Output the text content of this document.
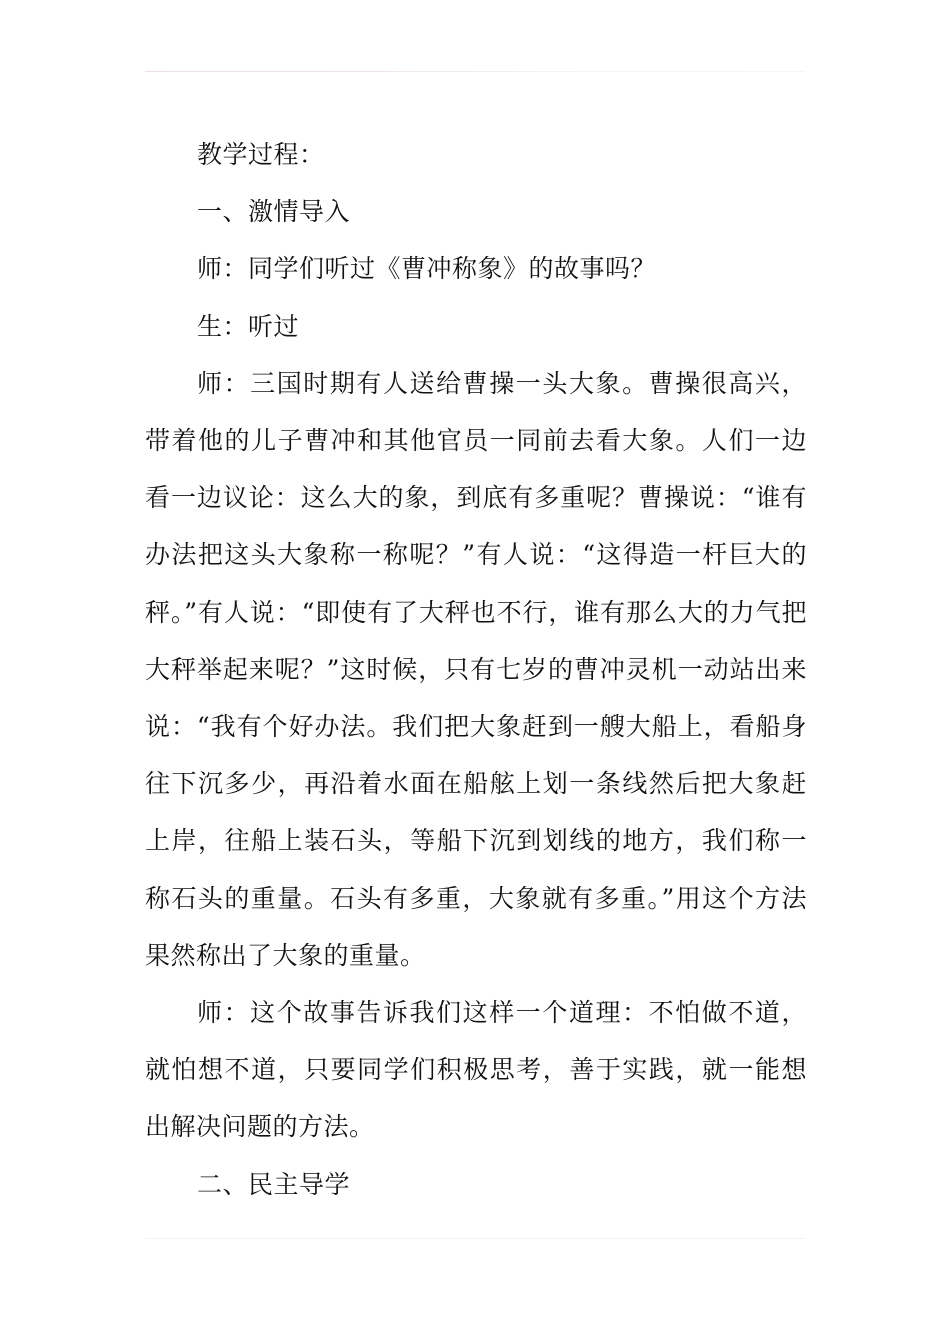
教学过程：

一、激情导入

师：同学们听过《曹冲称象》的故事吗？

生：听过

师：三国时期有人送给曹操一头大象。曹操很高兴，带着他的儿子曹冲和其他官员一同前去看大象。人们一边看一边议论：这么大的象，到底有多重呢？曹操说：“谁有办法把这头大象称一称呢？”有人说：“这得造一杆巨大的秤。”有人说：“即使有了大秤也不行，谁有那么大的力气把大秤举起来呢？”这时候，只有七岁的曹冲灵机一动站出来说：“我有个好办法。我们把大象赶到一艘大船上，看船身往下沉多少，再沿着水面在船舷上划一条线然后把大象赶上岸，往船上装石头，等船下沉到划线的地方，我们称一称石头的重量。石头有多重，大象就有多重。”用这个方法果然称出了大象的重量。

师：这个故事告诉我们这样一个道理：不怕做不道，就怕想不道，只要同学们积极思考，善于实践，就一能想出解决问题的方法。

二、民主导学
